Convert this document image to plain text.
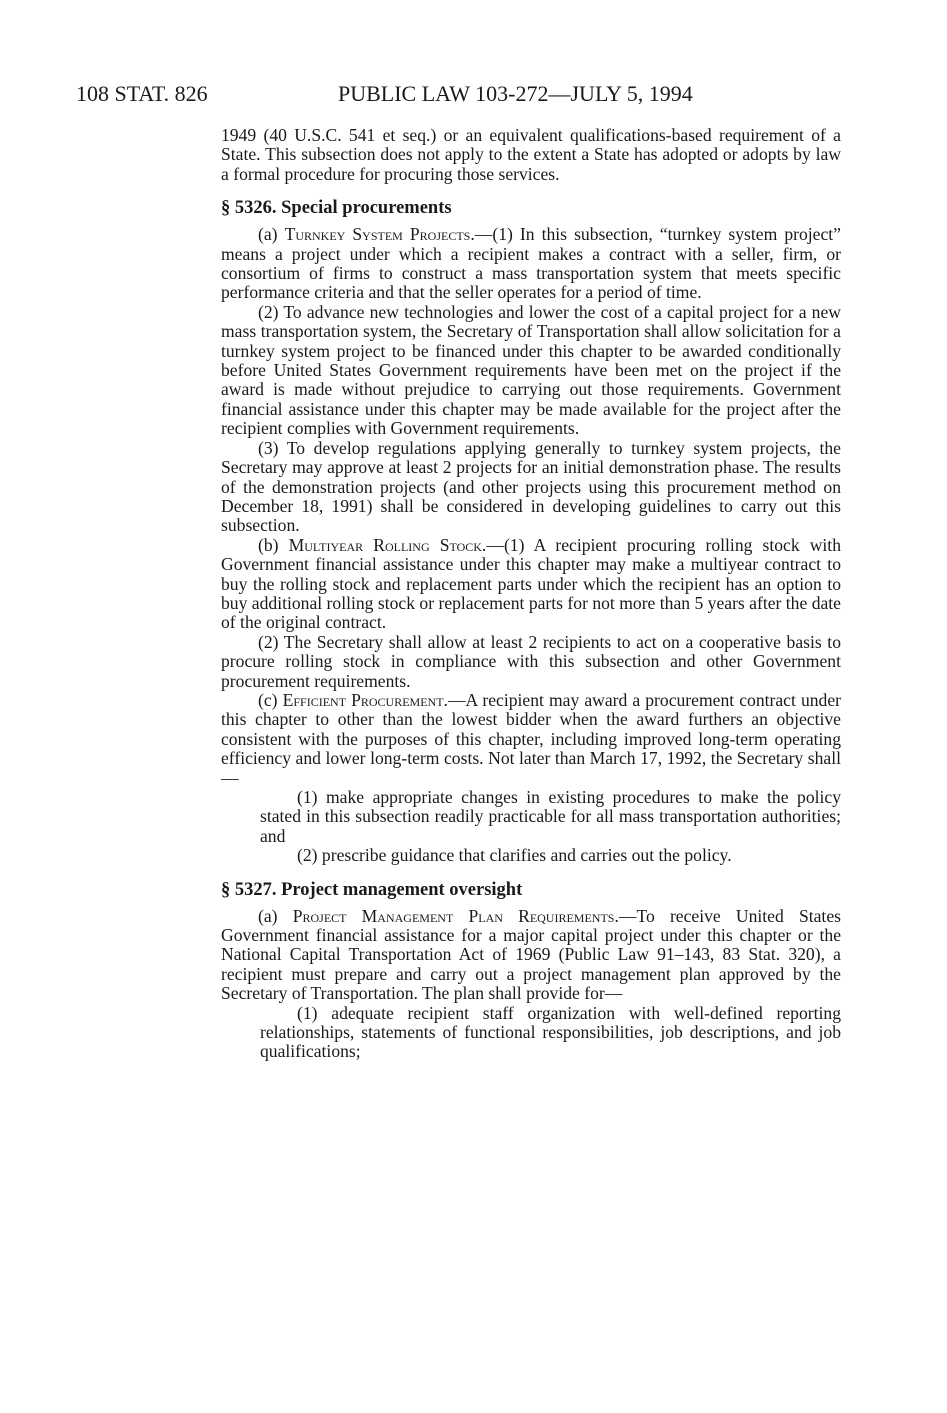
108 STAT. 826	PUBLIC LAW 103-272—JULY 5, 1994

1949 (40 U.S.C. 541 et seq.) or an equivalent qualifications-based requirement of a State. This subsection does not apply to the extent a State has adopted or adopts by law a formal procedure for procuring those services.

§ 5326. Special procurements

(a) Turnkey System Projects.—(1) In this subsection, “turnkey system project” means a project under which a recipient makes a contract with a seller, firm, or consortium of firms to construct a mass transportation system that meets specific performance criteria and that the seller operates for a period of time.

(2) To advance new technologies and lower the cost of a capital project for a new mass transportation system, the Secretary of Transportation shall allow solicitation for a turnkey system project to be financed under this chapter to be awarded conditionally before United States Government requirements have been met on the project if the award is made without prejudice to carrying out those requirements. Government financial assistance under this chapter may be made available for the project after the recipient complies with Government requirements.

(3) To develop regulations applying generally to turnkey system projects, the Secretary may approve at least 2 projects for an initial demonstration phase. The results of the demonstration projects (and other projects using this procurement method on December 18, 1991) shall be considered in developing guidelines to carry out this subsection.

(b) Multiyear Rolling Stock.—(1) A recipient procuring rolling stock with Government financial assistance under this chapter may make a multiyear contract to buy the rolling stock and replacement parts under which the recipient has an option to buy additional rolling stock or replacement parts for not more than 5 years after the date of the original contract.

(2) The Secretary shall allow at least 2 recipients to act on a cooperative basis to procure rolling stock in compliance with this subsection and other Government procurement requirements.

(c) Efficient Procurement.—A recipient may award a procurement contract under this chapter to other than the lowest bidder when the award furthers an objective consistent with the purposes of this chapter, including improved long-term operating efficiency and lower long-term costs. Not later than March 17, 1992, the Secretary shall—

(1) make appropriate changes in existing procedures to make the policy stated in this subsection readily practicable for all mass transportation authorities; and

(2) prescribe guidance that clarifies and carries out the policy.

§ 5327. Project management oversight

(a) Project Management Plan Requirements.—To receive United States Government financial assistance for a major capital project under this chapter or the National Capital Transportation Act of 1969 (Public Law 91–143, 83 Stat. 320), a recipient must prepare and carry out a project management plan approved by the Secretary of Transportation. The plan shall provide for—

(1) adequate recipient staff organization with well-defined reporting relationships, statements of functional responsibilities, job descriptions, and job qualifications;
